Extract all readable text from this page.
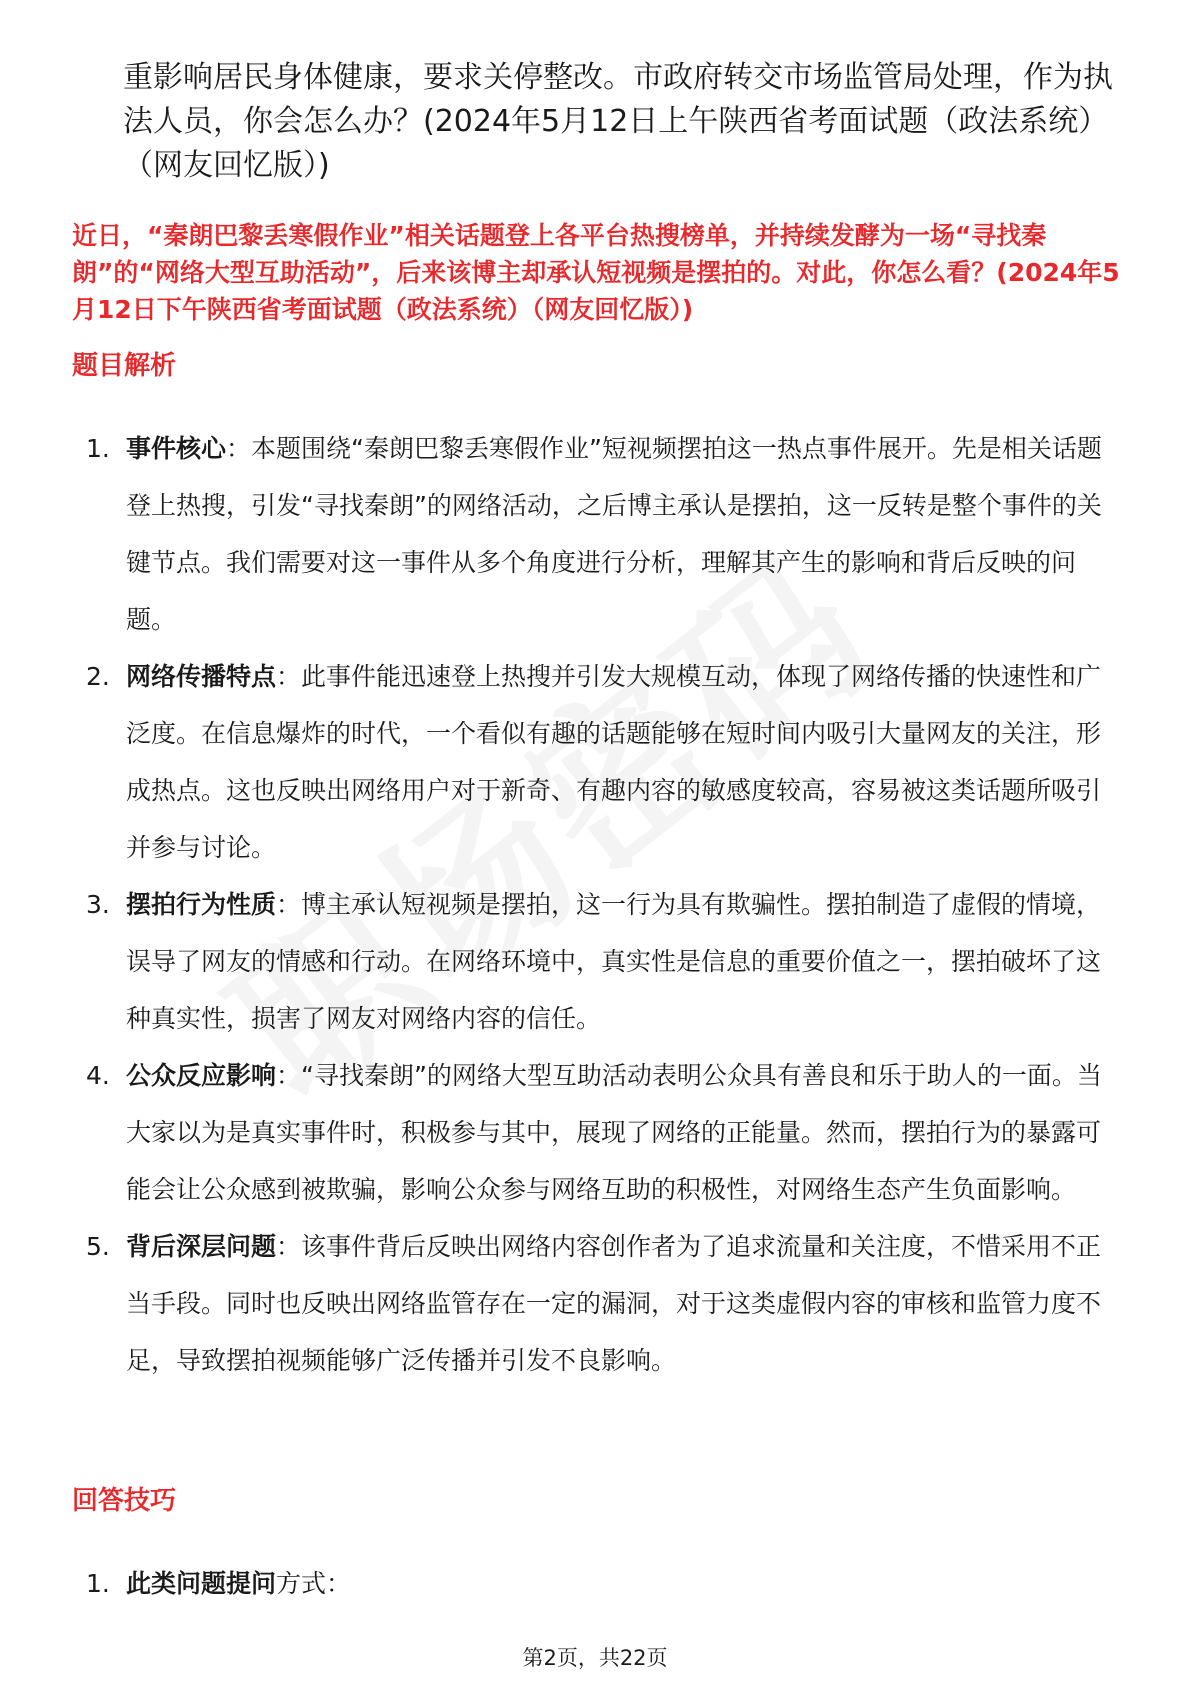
重影响居民身体健康，要求关停整改。市政府转交市场监管局处理，作为执法人员，你会怎么办？(2024年5月12日上午陕西省考面试题（政法系统）（网友回忆版）)
近日，“秦朗巴黎丢寒假作业”相关话题登上各平台热搜榜单，并持续发酵为一场“寻找秦朗”的“网络大型互助活动”，后来该博主却承认短视频是摆拍的。对此，你怎么看？(2024年5月12日下午陕西省考面试题（政法系统）（网友回忆版）)
题目解析
1. 事件核心：本题围绕“秦朗巴黎丢寒假作业”短视频摆拍这一热点事件展开。先是相关话题登上热搜，引发“寻找秦朗”的网络活动，之后博主承认是摆拍，这一反转是整个事件的关键节点。我们需要对这一事件从多个角度进行分析，理解其产生的影响和背后反映的问题。
2. 网络传播特点：此事件能迅速登上热搜并引发大规模互动，体现了网络传播的快速性和广泛度。在信息爆炸的时代，一个看似有趣的话题能够在短时间内吸引大量网友的关注，形成热点。这也反映出网络用户对于新奇、有趣内容的敏感度较高，容易被这类话题所吸引并参与讨论。
3. 摆拍行为性质：博主承认短视频是摆拍，这一行为具有欺骗性。摆拍制造了虚假的情境，误导了网友的情感和行动。在网络环境中，真实性是信息的重要价值之一，摆拍破坏了这种真实性，损害了网友对网络内容的信任。
4. 公众反应影响：“寻找秦朗”的网络大型互助活动表明公众具有善良和乐于助人的一面。当大家以为是真实事件时，积极参与其中，展现了网络的正能量。然而，摆拍行为的暴露可能会让公众感到被欺骗，影响公众参与网络互助的积极性，对网络生态产生负面影响。
5. 背后深层问题：该事件背后反映出网络内容创作者为了追求流量和关注度，不惜采用不正当手段。同时也反映出网络监管存在一定的漏洞，对于这类虚假内容的审核和监管力度不足，导致摆拍视频能够广泛传播并引发不良影响。
回答技巧
1. 此类问题提问方式：
第2页，共22页
